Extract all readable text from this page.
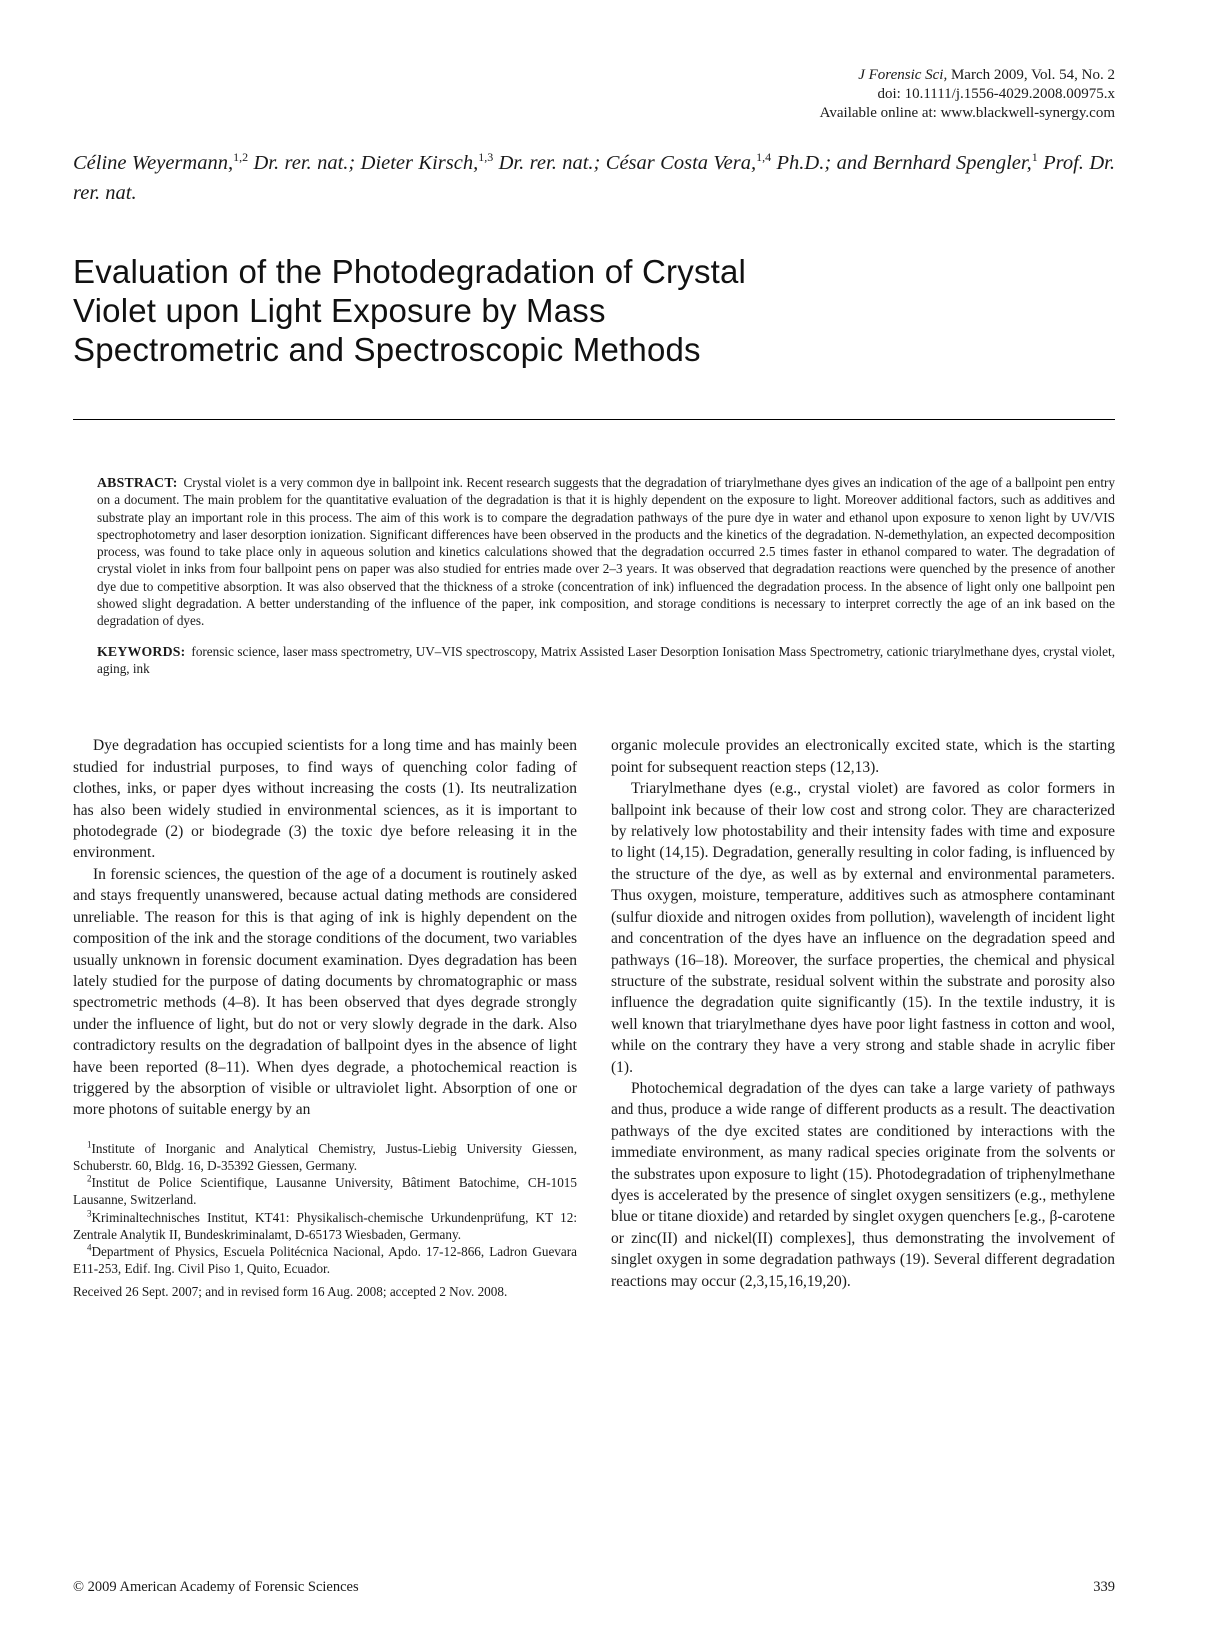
J Forensic Sci, March 2009, Vol. 54, No. 2
doi: 10.1111/j.1556-4029.2008.00975.x
Available online at: www.blackwell-synergy.com

Céline Weyermann,$^{1,2}$ Dr. rer. nat.; Dieter Kirsch,$^{1,3}$ Dr. rer. nat.; César Costa Vera,$^{1,4}$ Ph.D.; and Bernhard Spengler,$^1$ Prof. Dr. rer. nat.

Evaluation of the Photodegradation of Crystal
Violet upon Light Exposure by Mass
Spectrometric and Spectroscopic Methods

ABSTRACT: Crystal violet is a very common dye in ballpoint ink. Recent research suggests that the degradation of triarylmethane dyes gives an indication of the age of a ballpoint pen entry on a document. The main problem for the quantitative evaluation of the degradation is that it is highly dependent on the exposure to light. Moreover additional factors, such as additives and substrate play an important role in this process. The aim of this work is to compare the degradation pathways of the pure dye in water and ethanol upon exposure to xenon light by UV/VIS spectrophotometry and laser desorption ionization. Significant differences have been observed in the products and the kinetics of the degradation. N-demethylation, an expected decomposition process, was found to take place only in aqueous solution and kinetics calculations showed that the degradation occurred 2.5 times faster in ethanol compared to water. The degradation of crystal violet in inks from four ballpoint pens on paper was also studied for entries made over 2–3 years. It was observed that degradation reactions were quenched by the presence of another dye due to competitive absorption. It was also observed that the thickness of a stroke (concentration of ink) influenced the degradation process. In the absence of light only one ballpoint pen showed slight degradation. A better understanding of the influence of the paper, ink composition, and storage conditions is necessary to interpret correctly the age of an ink based on the degradation of dyes.

KEYWORDS: forensic science, laser mass spectrometry, UV–VIS spectroscopy, Matrix Assisted Laser Desorption Ionisation Mass Spectrometry, cationic triarylmethane dyes, crystal violet, aging, ink

Dye degradation has occupied scientists for a long time and has mainly been studied for industrial purposes, to find ways of quenching color fading of clothes, inks, or paper dyes without increasing the costs (1). Its neutralization has also been widely studied in environmental sciences, as it is important to photodegrade (2) or biodegrade (3) the toxic dye before releasing it in the environment.

In forensic sciences, the question of the age of a document is routinely asked and stays frequently unanswered, because actual dating methods are considered unreliable. The reason for this is that aging of ink is highly dependent on the composition of the ink and the storage conditions of the document, two variables usually unknown in forensic document examination. Dyes degradation has been lately studied for the purpose of dating documents by chromatographic or mass spectrometric methods (4–8). It has been observed that dyes degrade strongly under the influence of light, but do not or very slowly degrade in the dark. Also contradictory results on the degradation of ballpoint dyes in the absence of light have been reported (8–11). When dyes degrade, a photochemical reaction is triggered by the absorption of visible or ultraviolet light. Absorption of one or more photons of suitable energy by an

$^1$Institute of Inorganic and Analytical Chemistry, Justus-Liebig University Giessen, Schuberstr. 60, Bldg. 16, D-35392 Giessen, Germany.

$^2$Institut de Police Scientifique, Lausanne University, Bâtiment Batochime, CH-1015 Lausanne, Switzerland.

$^3$Kriminaltechnisches Institut, KT41: Physikalisch-chemische Urkundenprüfung, KT 12: Zentrale Analytik II, Bundeskriminalamt, D-65173 Wiesbaden, Germany.

$^4$Department of Physics, Escuela Politécnica Nacional, Apdo. 17-12-866, Ladron Guevara E11-253, Edif. Ing. Civil Piso 1, Quito, Ecuador.

Received 26 Sept. 2007; and in revised form 16 Aug. 2008; accepted 2 Nov. 2008.

organic molecule provides an electronically excited state, which is the starting point for subsequent reaction steps (12,13).

Triarylmethane dyes (e.g., crystal violet) are favored as color formers in ballpoint ink because of their low cost and strong color. They are characterized by relatively low photostability and their intensity fades with time and exposure to light (14,15). Degradation, generally resulting in color fading, is influenced by the structure of the dye, as well as by external and environmental parameters. Thus oxygen, moisture, temperature, additives such as atmosphere contaminant (sulfur dioxide and nitrogen oxides from pollution), wavelength of incident light and concentration of the dyes have an influence on the degradation speed and pathways (16–18). Moreover, the surface properties, the chemical and physical structure of the substrate, residual solvent within the substrate and porosity also influence the degradation quite significantly (15). In the textile industry, it is well known that triarylmethane dyes have poor light fastness in cotton and wool, while on the contrary they have a very strong and stable shade in acrylic fiber (1).

Photochemical degradation of the dyes can take a large variety of pathways and thus, produce a wide range of different products as a result. The deactivation pathways of the dye excited states are conditioned by interactions with the immediate environment, as many radical species originate from the solvents or the substrates upon exposure to light (15). Photodegradation of triphenylmethane dyes is accelerated by the presence of singlet oxygen sensitizers (e.g., methylene blue or titane dioxide) and retarded by singlet oxygen quenchers [e.g., β-carotene or zinc(II) and nickel(II) complexes], thus demonstrating the involvement of singlet oxygen in some degradation pathways (19). Several different degradation reactions may occur (2,3,15,16,19,20).

© 2009 American Academy of Forensic Sciences	339
